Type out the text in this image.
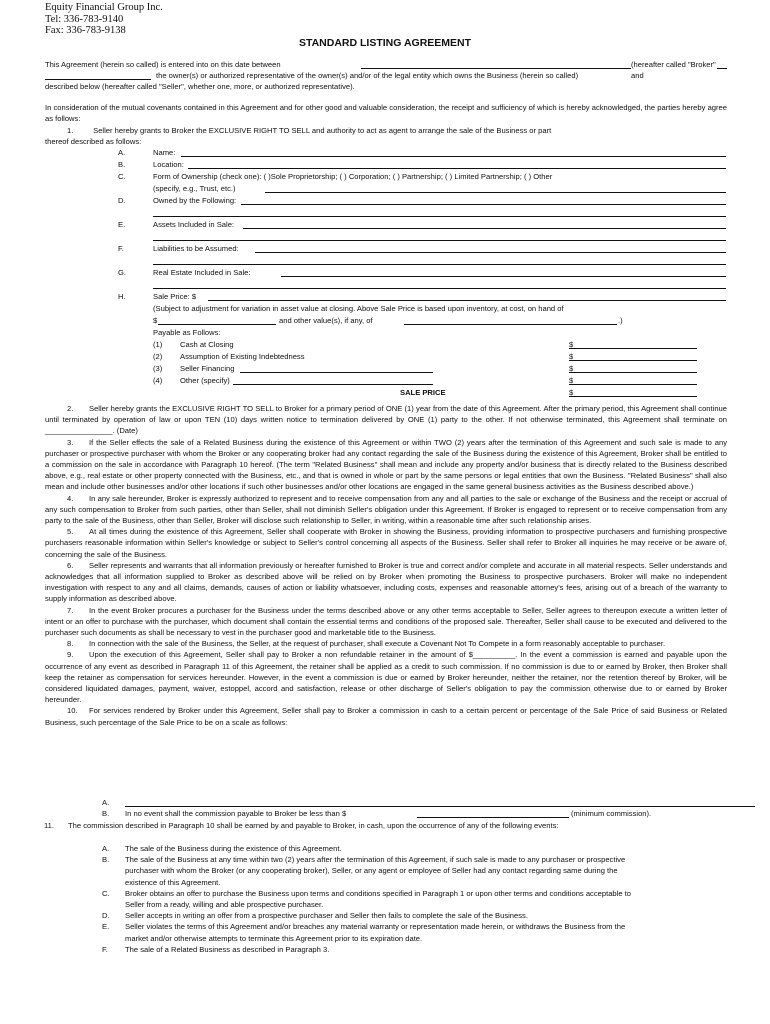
Equity Financial Group Inc.
Tel: 336-783-9140
Fax: 336-783-9138
STANDARD LISTING AGREEMENT
This Agreement (herein so called) is entered into on this date between	(hereafter called "Broker" and
the owner(s) or authorized representative of the owner(s) and/or of the legal entity which owns the Business (herein so called)
described below (hereafter called "Seller", whether one, more, or authorized representative).
In consideration of the mutual covenants contained in this Agreement and for other good and valuable consideration, the receipt and sufficiency of which is hereby acknowledged, the parties hereby agree as follows:
1.	Seller hereby grants to Broker the EXCLUSIVE RIGHT TO SELL and authority to act as agent to arrange the sale of the Business or part
thereof described as follows:
A.	Name:
B.	Location:
C.	Form of Ownership (check one): ( )Sole Proprietorship; ( ) Corporation; ( ) Partnership; ( ) Limited Partnership; ( ) Other
(specify, e.g., Trust, etc.)
D.	Owned by the Following:
E.	Assets Included in Sale:
F.	Liabilities to be Assumed:
G.	Real Estate Included in Sale:
H.	Sale Price: $
(Subject to adjustment for variation in asset value at closing. Above Sale Price is based upon inventory, at cost, on hand of
$	and other value(s), if any, of	.)
Payable as Follows:
(1) Cash at Closing	$
(2) Assumption of Existing Indebtedness	$
(3) Seller Financing	$
(4) Other (specify)	$
SALE PRICE	$
2. Seller hereby grants the EXCLUSIVE RIGHT TO SELL to Broker for a primary period of ONE (1) year from the date of this Agreement. After the primary period, this Agreement shall continue until terminated by operation of law or upon TEN (10) days written notice to termination delivered by ONE (1) party to the other. If not otherwise terminated, this Agreement shall terminate on ________________. (Date)
3. If the Seller effects the sale of a Related Business during the existence of this Agreement or within TWO (2) years after the termination of this Agreement and such sale is made to any purchaser or prospective purchaser with whom the Broker or any cooperating broker had any contact regarding the sale of the Business during the existence of this Agreement, Broker shall be entitled to a commission on the sale in accordance with Paragraph 10 hereof. (The term "Related Business" shall mean and include any property and/or business that is directly related to the Business described above, e.g., real estate or other property connected with the Business, etc., and that is owned in whole or part by the same persons or legal entities that own the Business. "Related Business" shall also mean and include other businesses and/or other locations if such other businesses and/or other locations are engaged in the same general business activities as the Business described above.)
4. In any sale hereunder, Broker is expressly authorized to represent and to receive compensation from any and all parties to the sale or exchange of the Business and the receipt or accrual of any such compensation to Broker from such parties, other than Seller, shall not diminish Seller's obligation under this Agreement. If Broker is engaged to represent or to receive compensation from any party to the sale of the Business, other than Seller, Broker will disclose such relationship to Seller, in writing, within a reasonable time after such relationship arises.
5. At all times during the existence of this Agreement, Seller shall cooperate with Broker in showing the Business, providing information to prospective purchasers and furnishing prospective purchasers reasonable information within Seller's knowledge or subject to Seller's control concerning all aspects of the Business. Seller shall refer to Broker all inquiries he may receive or be aware of, concerning the sale of the Business.
6. Seller represents and warrants that all information previously or hereafter furnished to Broker is true and correct and/or complete and accurate in all material respects. Seller understands and acknowledges that all information supplied to Broker as described above will be relied on by Broker when promoting the Business to prospective purchasers. Broker will make no independent investigation with respect to any and all claims, demands, causes of action or liability whatsoever, including costs, expenses and reasonable attorney's fees, arising out of a breach of the warranty to supply information as described above.
7. In the event Broker procures a purchaser for the Business under the terms described above or any other terms acceptable to Seller, Seller agrees to thereupon execute a written letter of intent or an offer to purchase with the purchaser, which document shall contain the essential terms and conditions of the proposed sale. Thereafter, Seller shall cause to be executed and delivered to the purchaser such documents as shall be necessary to vest in the purchaser good and marketable title to the Business.
8. In connection with the sale of the Business, the Seller, at the request of purchaser, shall execute a Covenant Not To Compete in a form reasonably acceptable to purchaser.
9. Upon the execution of this Agreement, Seller shall pay to Broker a non refundable retainer in the amount of $__________. In the event a commission is earned and payable upon the occurrence of any event as described in Paragraph 11 of this Agreement, the retainer shall be applied as a credit to such commission. If no commission is due to or earned by Broker, then Broker shall keep the retainer as compensation for services hereunder. However, in the event a commission is due or earned by Broker hereunder, neither the retainer, nor the retention thereof by Broker, will be considered liquidated damages, payment, waiver, estoppel, accord and satisfaction, release or other discharge of Seller's obligation to pay the commission otherwise due to or earned by Broker hereunder.
10. For services rendered by Broker under this Agreement, Seller shall pay to Broker a commission in cash to a certain percent or percentage of the Sale Price of said Business or Related Business, such percentage of the Sale Price to be on a scale as follows:
A.
B. In no event shall the commission payable to Broker be less than $	(minimum commission).
11. The commission described in Paragraph 10 shall be earned by and payable to Broker, in cash, upon the occurrence of any of the following events:
A.	The sale of the Business during the existence of this Agreement.
B.	The sale of the Business at any time within two (2) years after the termination of this Agreement, if such sale is made to any purchaser or prospective purchaser with whom the Broker (or any cooperating broker), Seller, or any agent or employee of Seller had any contact regarding same during the existence of this Agreement.
C.	Broker obtains an offer to purchase the Business upon terms and conditions specified in Paragraph 1 or upon other terms and conditions acceptable to Seller from a ready, willing and able prospective purchaser.
D.	Seller accepts in writing an offer from a prospective purchaser and Seller then fails to complete the sale of the Business.
E.	Seller violates the terms of this Agreement and/or breaches any material warranty or representation made herein, or withdraws the Business from the market and/or otherwise attempts to terminate this Agreement prior to its expiration date.
F.	The sale of a Related Business as described in Paragraph 3.
